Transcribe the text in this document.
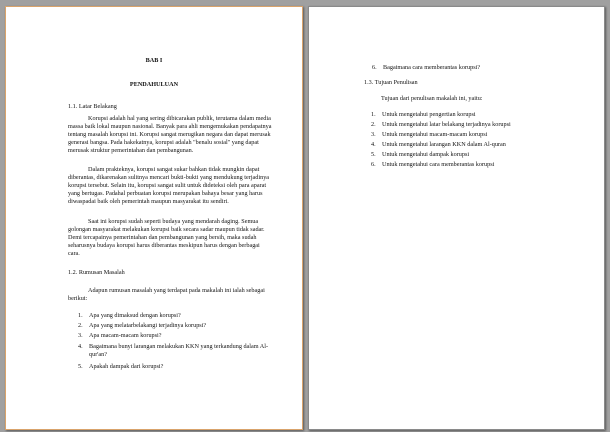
BAB I

PENDAHULUAN

1.1. Latar Belakang

Korupsi adalah hal yang sering dibicarakan publik, terutama dalam media

massa baik lokal maupun nasional. Banyak para ahli mengemukakan pendapatnya

tentang masalah korupsi ini. Korupsi sangat merugikan negara dan dapat merusak

generasi bangsa. Pada hakekatnya, korupsi adalah "benalu sosial" yang dapat

merusak struktur pemerintahan dan pembangunan.

Dalam prakteknya, korupsi sangat sukar bahkan tidak mungkin dapat

diberantas, dikarenakan sulitnya mencari bukti-bukti yang mendukung terjadinya

korupsi tersebut. Selain itu, korupsi sangat sulit untuk dideteksi oleh para aparat

yang bertugas. Padahal perbuatan korupsi merupakan bahaya besar yang harus

diwaspadai baik oleh pemerintah maupun masyarakat itu sendiri.

Saat ini korupsi sudah seperti budaya yang mendarah daging. Semua

golongan masyarakat melakukan korupsi baik secara sadar maupun tidak sadar.

Demi tercapainya pemerintahan dan pembangunan yang bersih, maka sudah

seharusnya budaya korupsi harus diberantas meskipun harus dengan berbagai

cara.

1.2. Rumusan Masalah

Adapun rumusan masalah yang terdapat pada makalah ini ialah sebagai

berikut:

1. Apa yang dimaksud dengan korupsi?
2. Apa yang melatarbelakangi terjadinya korupsi?
3. Apa macam-macam korupsi?
4. Bagaimana bunyi larangan melakukan KKN yang terkandung dalam Al-
qur'an?
5. Apakah dampak dari korupsi?
6. Bagaimana cara memberantas korupsi?

1.3. Tujuan Penulisan

Tujuan dari penulisan makalah ini, yaitu:

1. Untuk mengetahui pengertian korupsi
2. Untuk mengetahui latar belakang terjadinya korupsi
3. Untuk mengetahui macam-macam korupsi
4. Untuk mengetahui larangan KKN dalam Al-quran
5. Untuk mengetahui dampak korupsi
6. Untuk mengetahui cara memberantas korupsi
